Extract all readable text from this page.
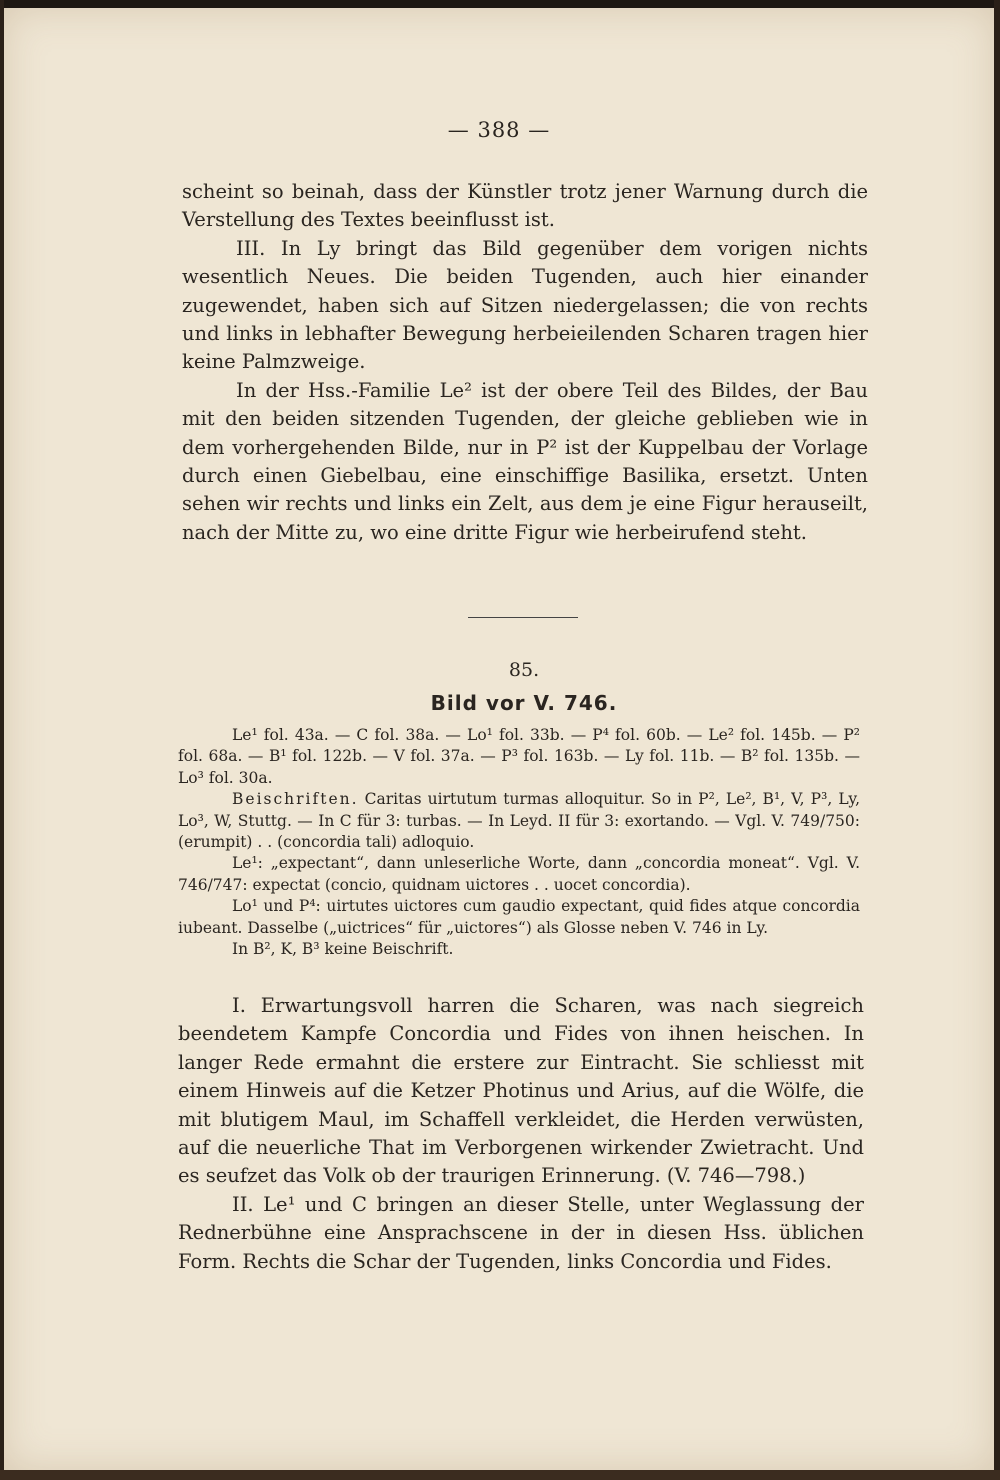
— 388 —

scheint so beinah, dass der Künstler trotz jener Warnung durch die Verstellung des Textes beeinflusst ist.

III. In Ly bringt das Bild gegenüber dem vorigen nichts wesentlich Neues. Die beiden Tugenden, auch hier einander zugewendet, haben sich auf Sitzen niedergelassen; die von rechts und links in lebhafter Bewegung herbeieilenden Scharen tragen hier keine Palmzweige.

In der Hss.-Familie Le² ist der obere Teil des Bildes, der Bau mit den beiden sitzenden Tugenden, der gleiche geblieben wie in dem vorhergehenden Bilde, nur in P² ist der Kuppelbau der Vorlage durch einen Giebelbau, eine einschiffige Basilika, ersetzt. Unten sehen wir rechts und links ein Zelt, aus dem je eine Figur herauseilt, nach der Mitte zu, wo eine dritte Figur wie herbeirufend steht.

85.
Bild vor V. 746.

Le¹ fol. 43a. — C fol. 38a. — Lo¹ fol. 33b. — P⁴ fol. 60b. — Le² fol. 145b. — P² fol. 68a. — B¹ fol. 122b. — V fol. 37a. — P³ fol. 163b. — Ly fol. 11b. — B² fol. 135b. — Lo³ fol. 30a.

Beischriften. Caritas uirtutum turmas alloquitur. So in P², Le², B¹, V, P³, Ly, Lo³, W, Stuttg. — In C für 3: turbas. — In Leyd. II für 3: exortando. — Vgl. V. 749/750: (erumpit) . . (concordia tali) adloquio.

Le¹: „expectant“, dann unleserliche Worte, dann „concordia moneat“. Vgl. V. 746/747: expectat (concio, quidnam uictores . . uocet concordia).

Lo¹ und P⁴: uirtutes uictores cum gaudio expectant, quid fides atque concordia iubeant. Dasselbe („uictrices“ für „uictores“) als Glosse neben V. 746 in Ly.

In B², K, B³ keine Beischrift.

I. Erwartungsvoll harren die Scharen, was nach siegreich beendetem Kampfe Concordia und Fides von ihnen heischen. In langer Rede ermahnt die erstere zur Eintracht. Sie schliesst mit einem Hinweis auf die Ketzer Photinus und Arius, auf die Wölfe, die mit blutigem Maul, im Schaffell verkleidet, die Herden verwüsten, auf die neuerliche That im Verborgenen wirkender Zwietracht. Und es seufzet das Volk ob der traurigen Erinnerung. (V. 746—798.)

II. Le¹ und C bringen an dieser Stelle, unter Weglassung der Rednerbühne eine Ansprachscene in der in diesen Hss. üblichen Form. Rechts die Schar der Tugenden, links Concordia und Fides.
